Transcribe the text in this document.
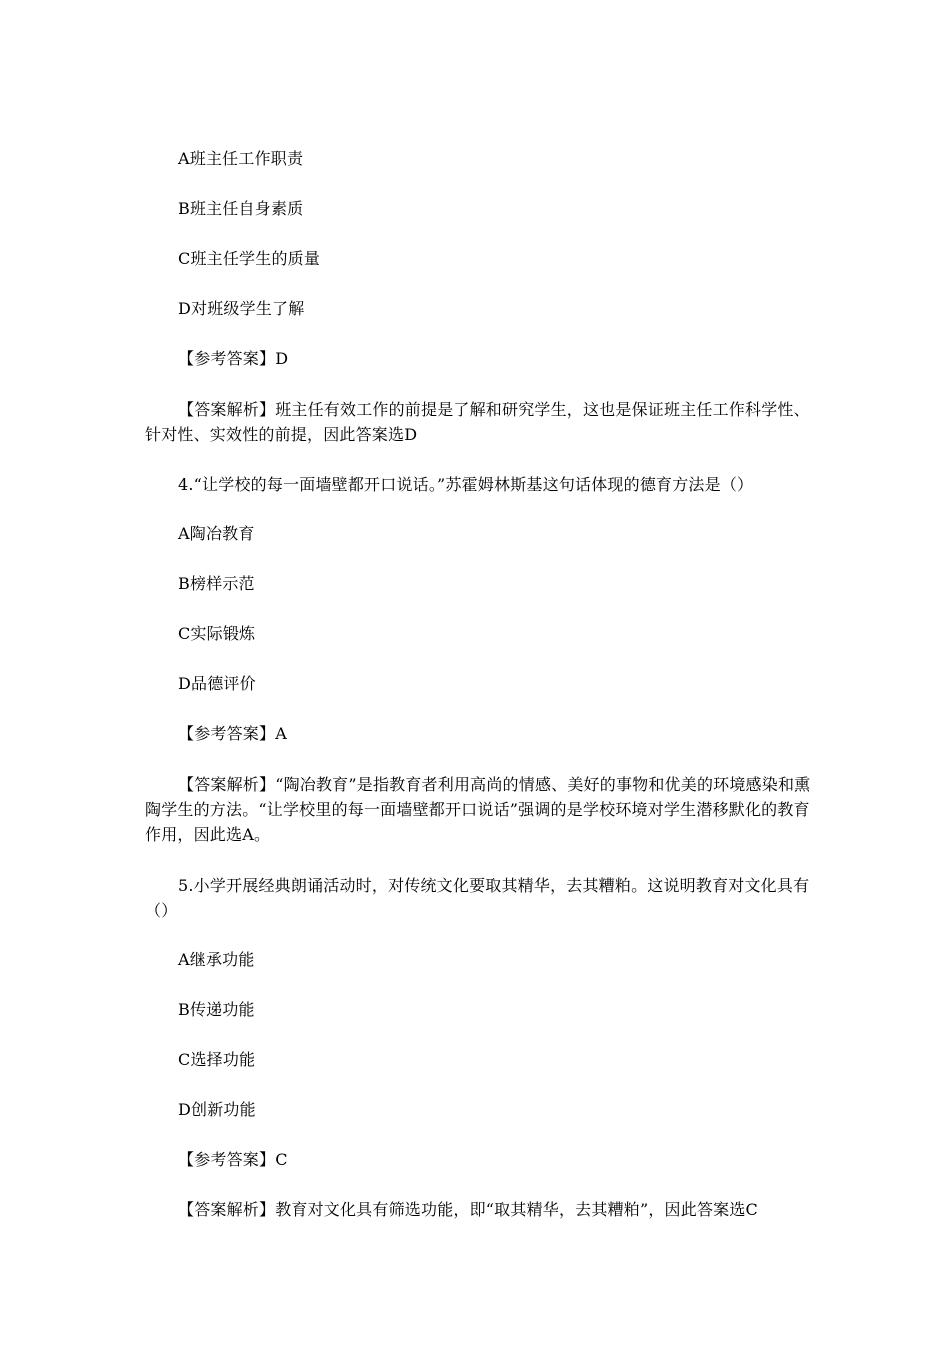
A班主任工作职责
B班主任自身素质
C班主任学生的质量
D对班级学生了解
【参考答案】D
【答案解析】班主任有效工作的前提是了解和研究学生，这也是保证班主任工作科学性、针对性、实效性的前提，因此答案选D
4.“让学校的每一面墙壁都开口说话。”苏霍姆林斯基这句话体现的德育方法是（）
A陶冶教育
B榜样示范
C实际锻炼
D品德评价
【参考答案】A
【答案解析】“陶冶教育”是指教育者利用高尚的情感、美好的事物和优美的环境感染和熏陶学生的方法。“让学校里的每一面墙壁都开口说话”强调的是学校环境对学生潜移默化的教育作用，因此选A。
5.小学开展经典朗诵活动时，对传统文化要取其精华，去其糟粕。这说明教育对文化具有（）
A继承功能
B传递功能
C选择功能
D创新功能
【参考答案】C
【答案解析】教育对文化具有筛选功能，即“取其精华，去其糟粕”，因此答案选C
